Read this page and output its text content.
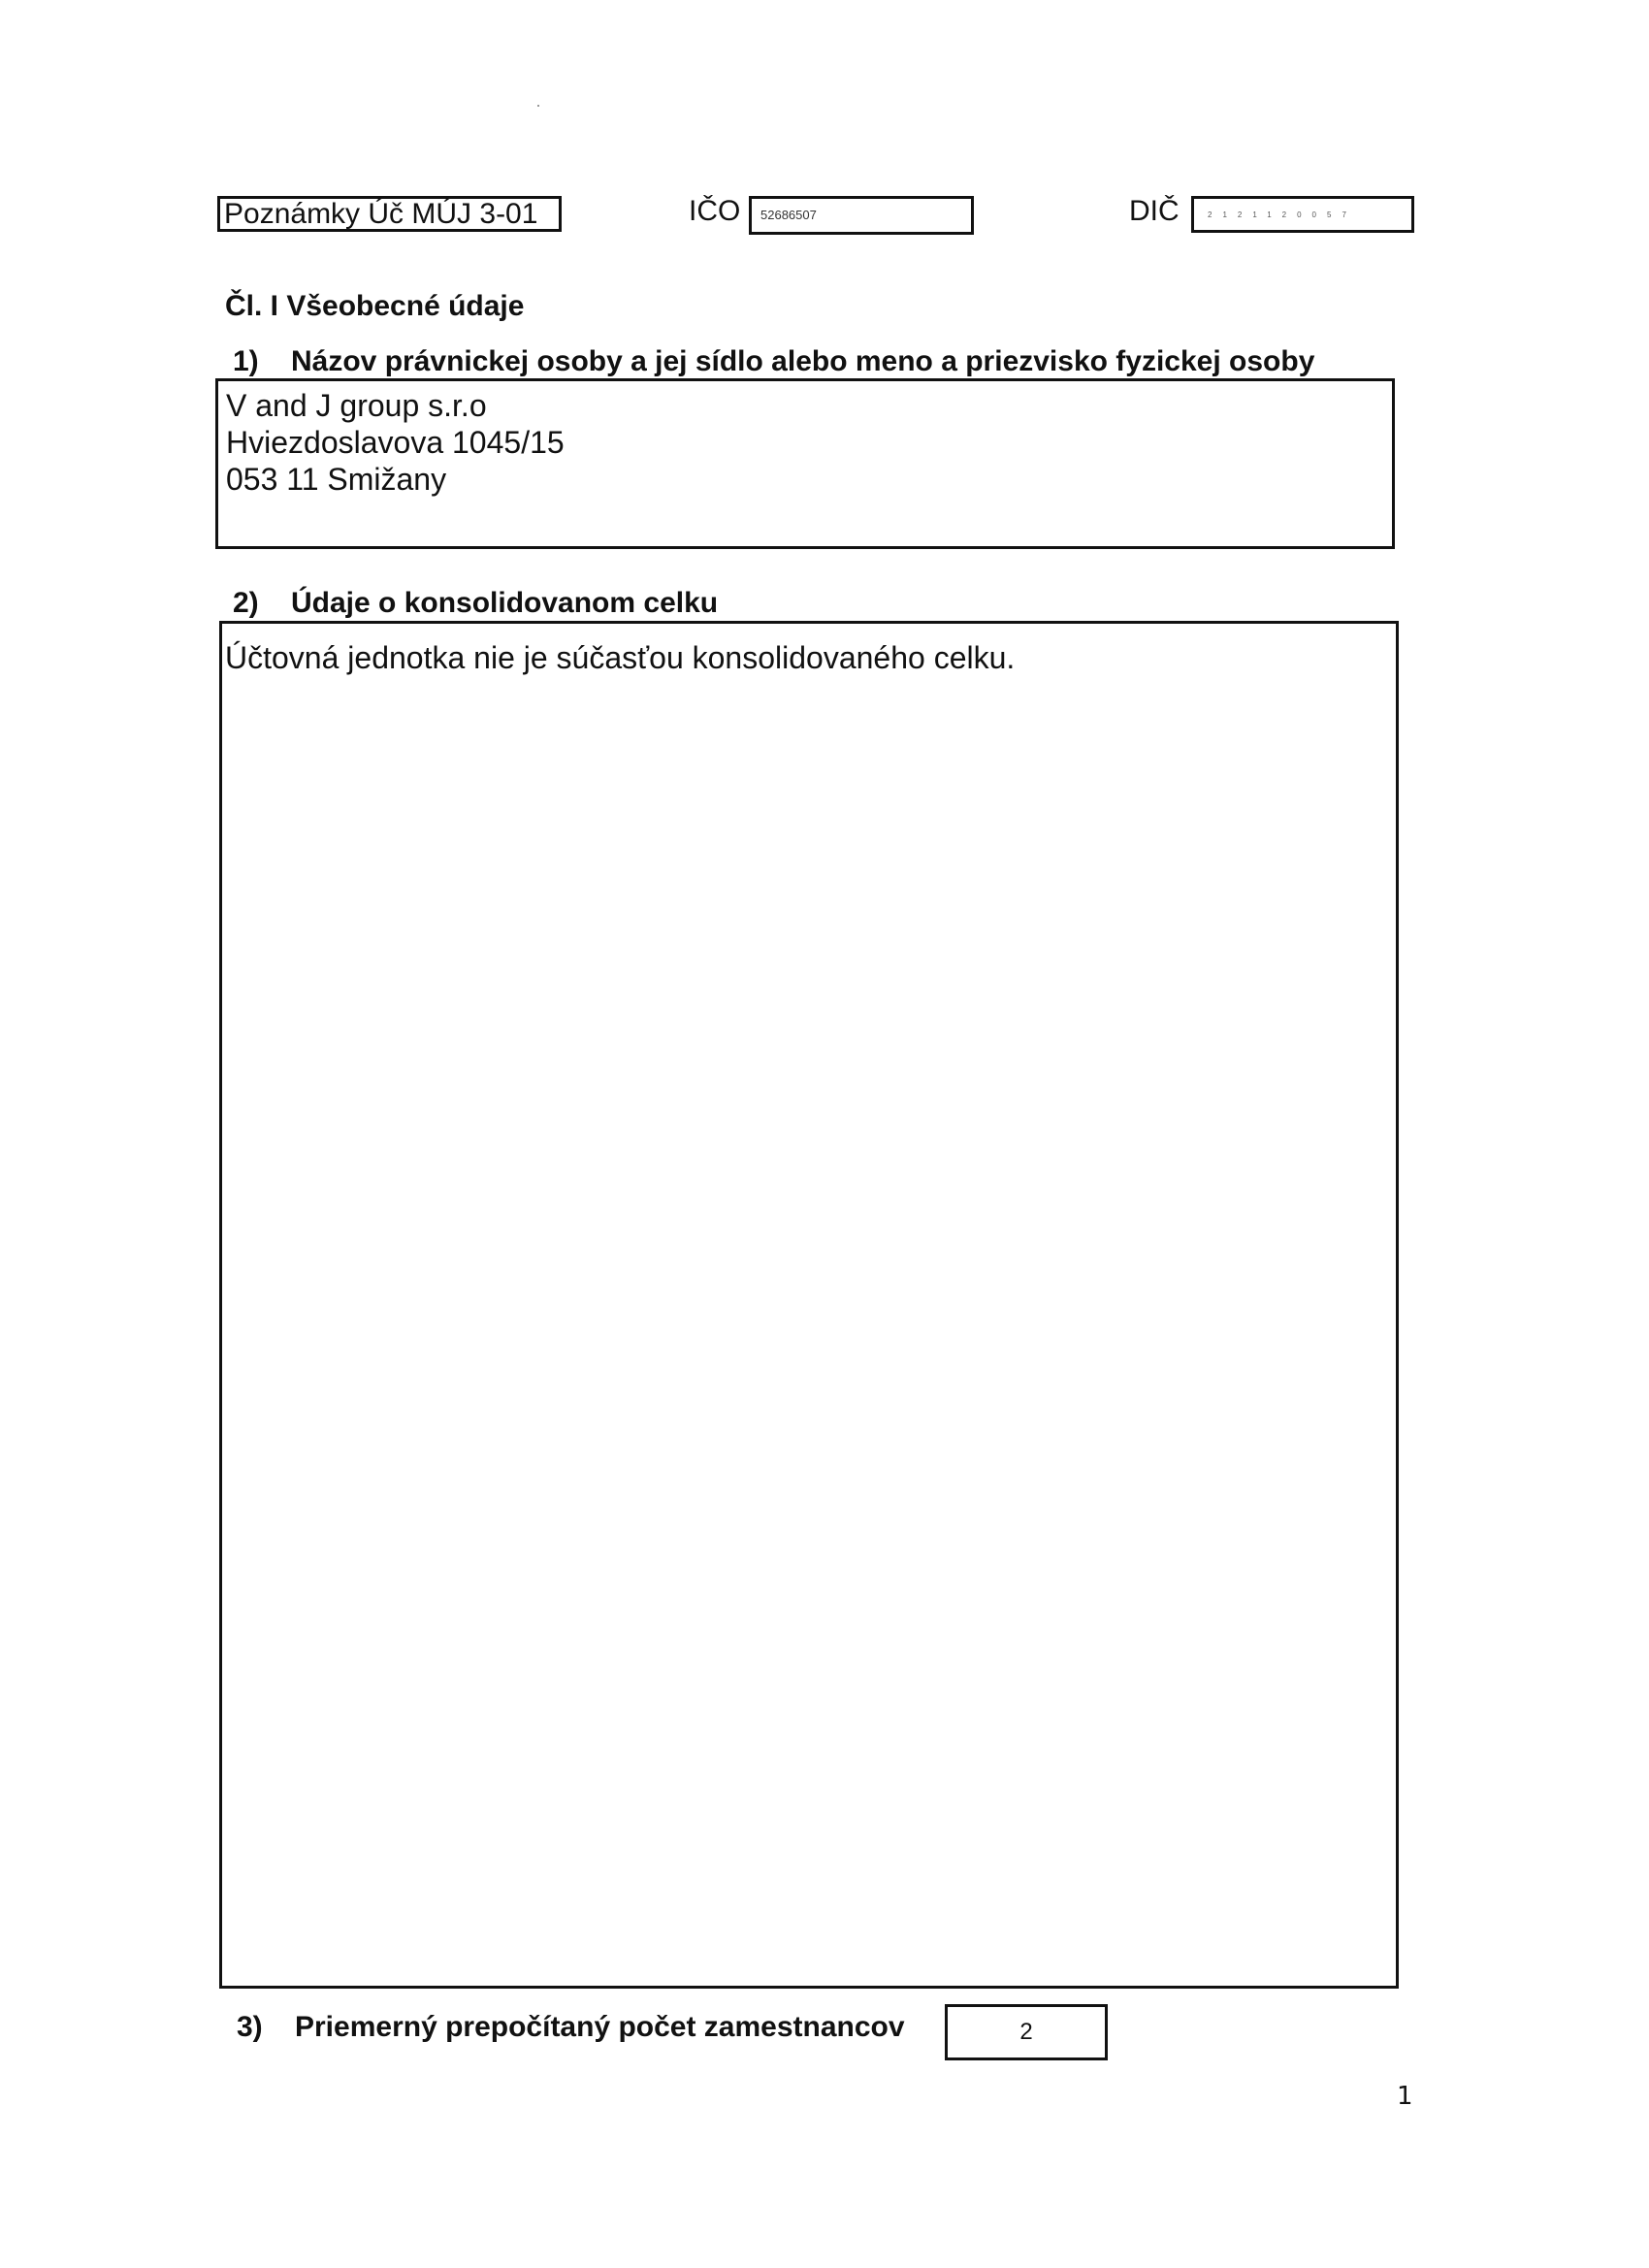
Poznámky Úč MÚJ 3-01	IČO	52686507	DIČ	2121120057
Čl. I Všeobecné údaje
1) Názov právnickej osoby a jej sídlo alebo meno a priezvisko fyzickej osoby
V and J group s.r.o
Hviezdoslavova 1045/15
053 11 Smižany
2) Údaje o konsolidovanom celku
Účtovná jednotka nie je súčasťou konsolidovaného celku.
3) Priemerný prepočítaný počet zamestnancov	2
1
